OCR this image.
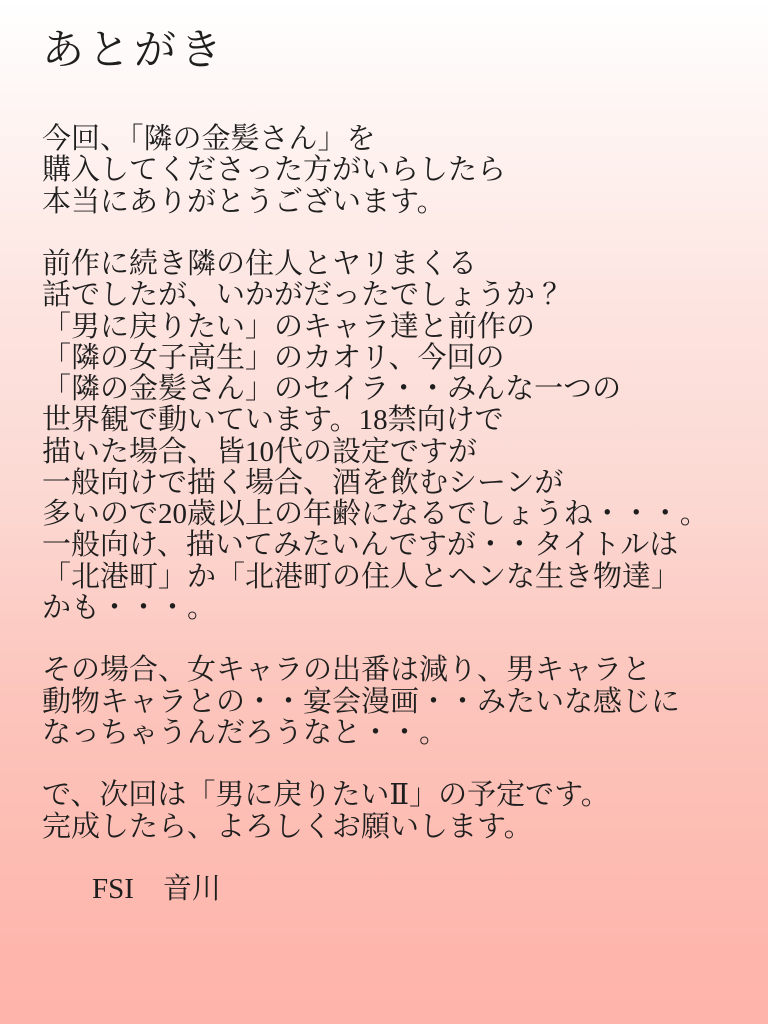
あとがき
今回、「隣の金髪さん」を
購入してくださった方がいらしたら
本当にありがとうございます。
前作に続き隣の住人とヤリまくる
話でしたが、いかがだったでしょうか ？
「男に戻りたい」のキャラ達と前作の
「隣の女子高生」のカオリ、今回の
「隣の金髪さん」のセイラ・・みんな一つの
世界観で動いています。18禁向けで
描いた場合、皆10代の設定ですが
一般向けで描く場合、酒を飲むシーンが
多いので20歳以上の年齢になるでしょうね・・・。
一般向け、描いてみたいんですが・・タイトルは
「北港町」か「北港町の住人とヘンな生き物達」
かも・・・。
その場合、女キャラの出番は減り、男キャラと
動物キャラとの・・宴会漫画・・みたいな感じに
なっちゃうんだろうなと・・。
で、次回は「男に戻りたいⅡ」の予定です。
完成したら、よろしくお願いします。
FSI　音川
